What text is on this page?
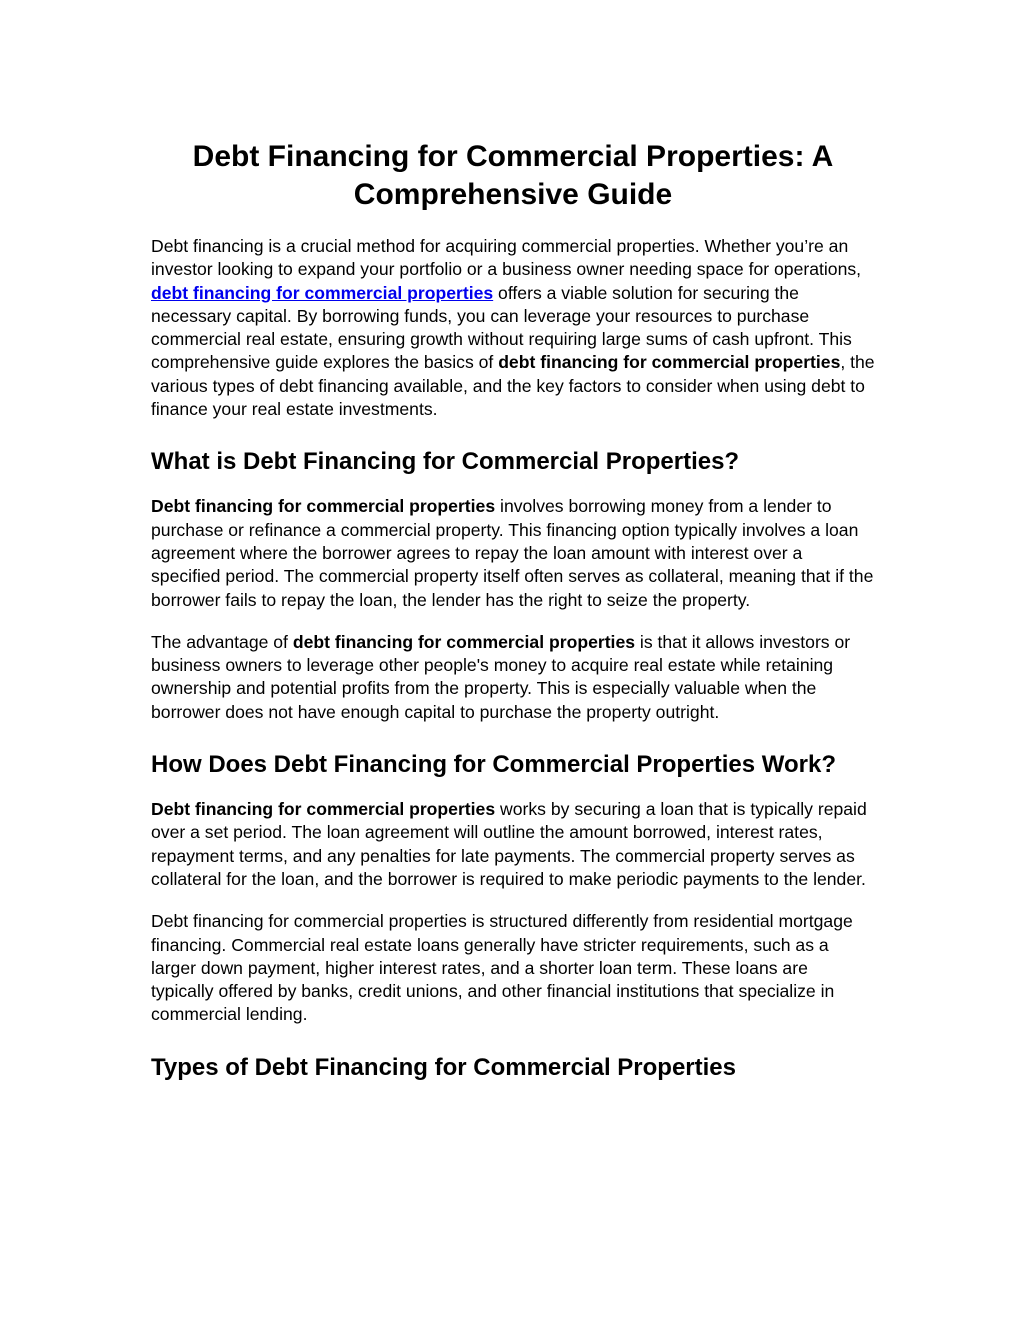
Debt Financing for Commercial Properties: A
Comprehensive Guide

Debt financing is a crucial method for acquiring commercial properties. Whether you’re an investor looking to expand your portfolio or a business owner needing space for operations, debt financing for commercial properties offers a viable solution for securing the necessary capital. By borrowing funds, you can leverage your resources to purchase commercial real estate, ensuring growth without requiring large sums of cash upfront. This comprehensive guide explores the basics of debt financing for commercial properties, the various types of debt financing available, and the key factors to consider when using debt to finance your real estate investments.

What is Debt Financing for Commercial Properties?

Debt financing for commercial properties involves borrowing money from a lender to purchase or refinance a commercial property. This financing option typically involves a loan agreement where the borrower agrees to repay the loan amount with interest over a specified period. The commercial property itself often serves as collateral, meaning that if the borrower fails to repay the loan, the lender has the right to seize the property.

The advantage of debt financing for commercial properties is that it allows investors or business owners to leverage other people's money to acquire real estate while retaining ownership and potential profits from the property. This is especially valuable when the borrower does not have enough capital to purchase the property outright.

How Does Debt Financing for Commercial Properties Work?

Debt financing for commercial properties works by securing a loan that is typically repaid over a set period. The loan agreement will outline the amount borrowed, interest rates, repayment terms, and any penalties for late payments. The commercial property serves as collateral for the loan, and the borrower is required to make periodic payments to the lender.

Debt financing for commercial properties is structured differently from residential mortgage financing. Commercial real estate loans generally have stricter requirements, such as a larger down payment, higher interest rates, and a shorter loan term. These loans are typically offered by banks, credit unions, and other financial institutions that specialize in commercial lending.

Types of Debt Financing for Commercial Properties
